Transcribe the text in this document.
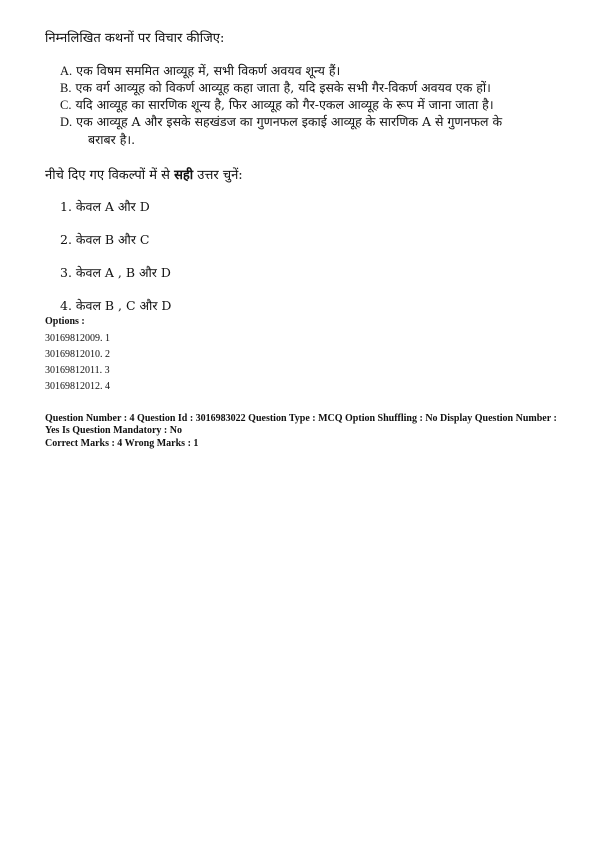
निम्नलिखित कथनों पर विचार कीजिए:
A. एक विषम सममित आव्यूह में, सभी विकर्ण अवयव शून्य हैं।
B. एक वर्ग आव्यूह को विकर्ण आव्यूह कहा जाता है, यदि इसके सभी गैर-विकर्ण अवयव एक हों।
C. यदि आव्यूह का सारणिक शून्य है, फिर आव्यूह को गैर-एकल आव्यूह के रूप में जाना जाता है।
D. एक आव्यूह A और इसके सहखंडज का गुणनफल इकाई आव्यूह के सारणिक A से गुणनफल के
बराबर है।.
नीचे दिए गए विकल्पों में से सही उत्तर चुनें:
1. केवल A और D
2. केवल B और C
3. केवल A , B और D
4. केवल B , C और D
Options :
30169812009. 1
30169812010. 2
30169812011. 3
30169812012. 4
Question Number : 4 Question Id : 3016983022 Question Type : MCQ Option Shuffling : No Display Question Number : Yes Is Question Mandatory : No
Correct Marks : 4 Wrong Marks : 1
